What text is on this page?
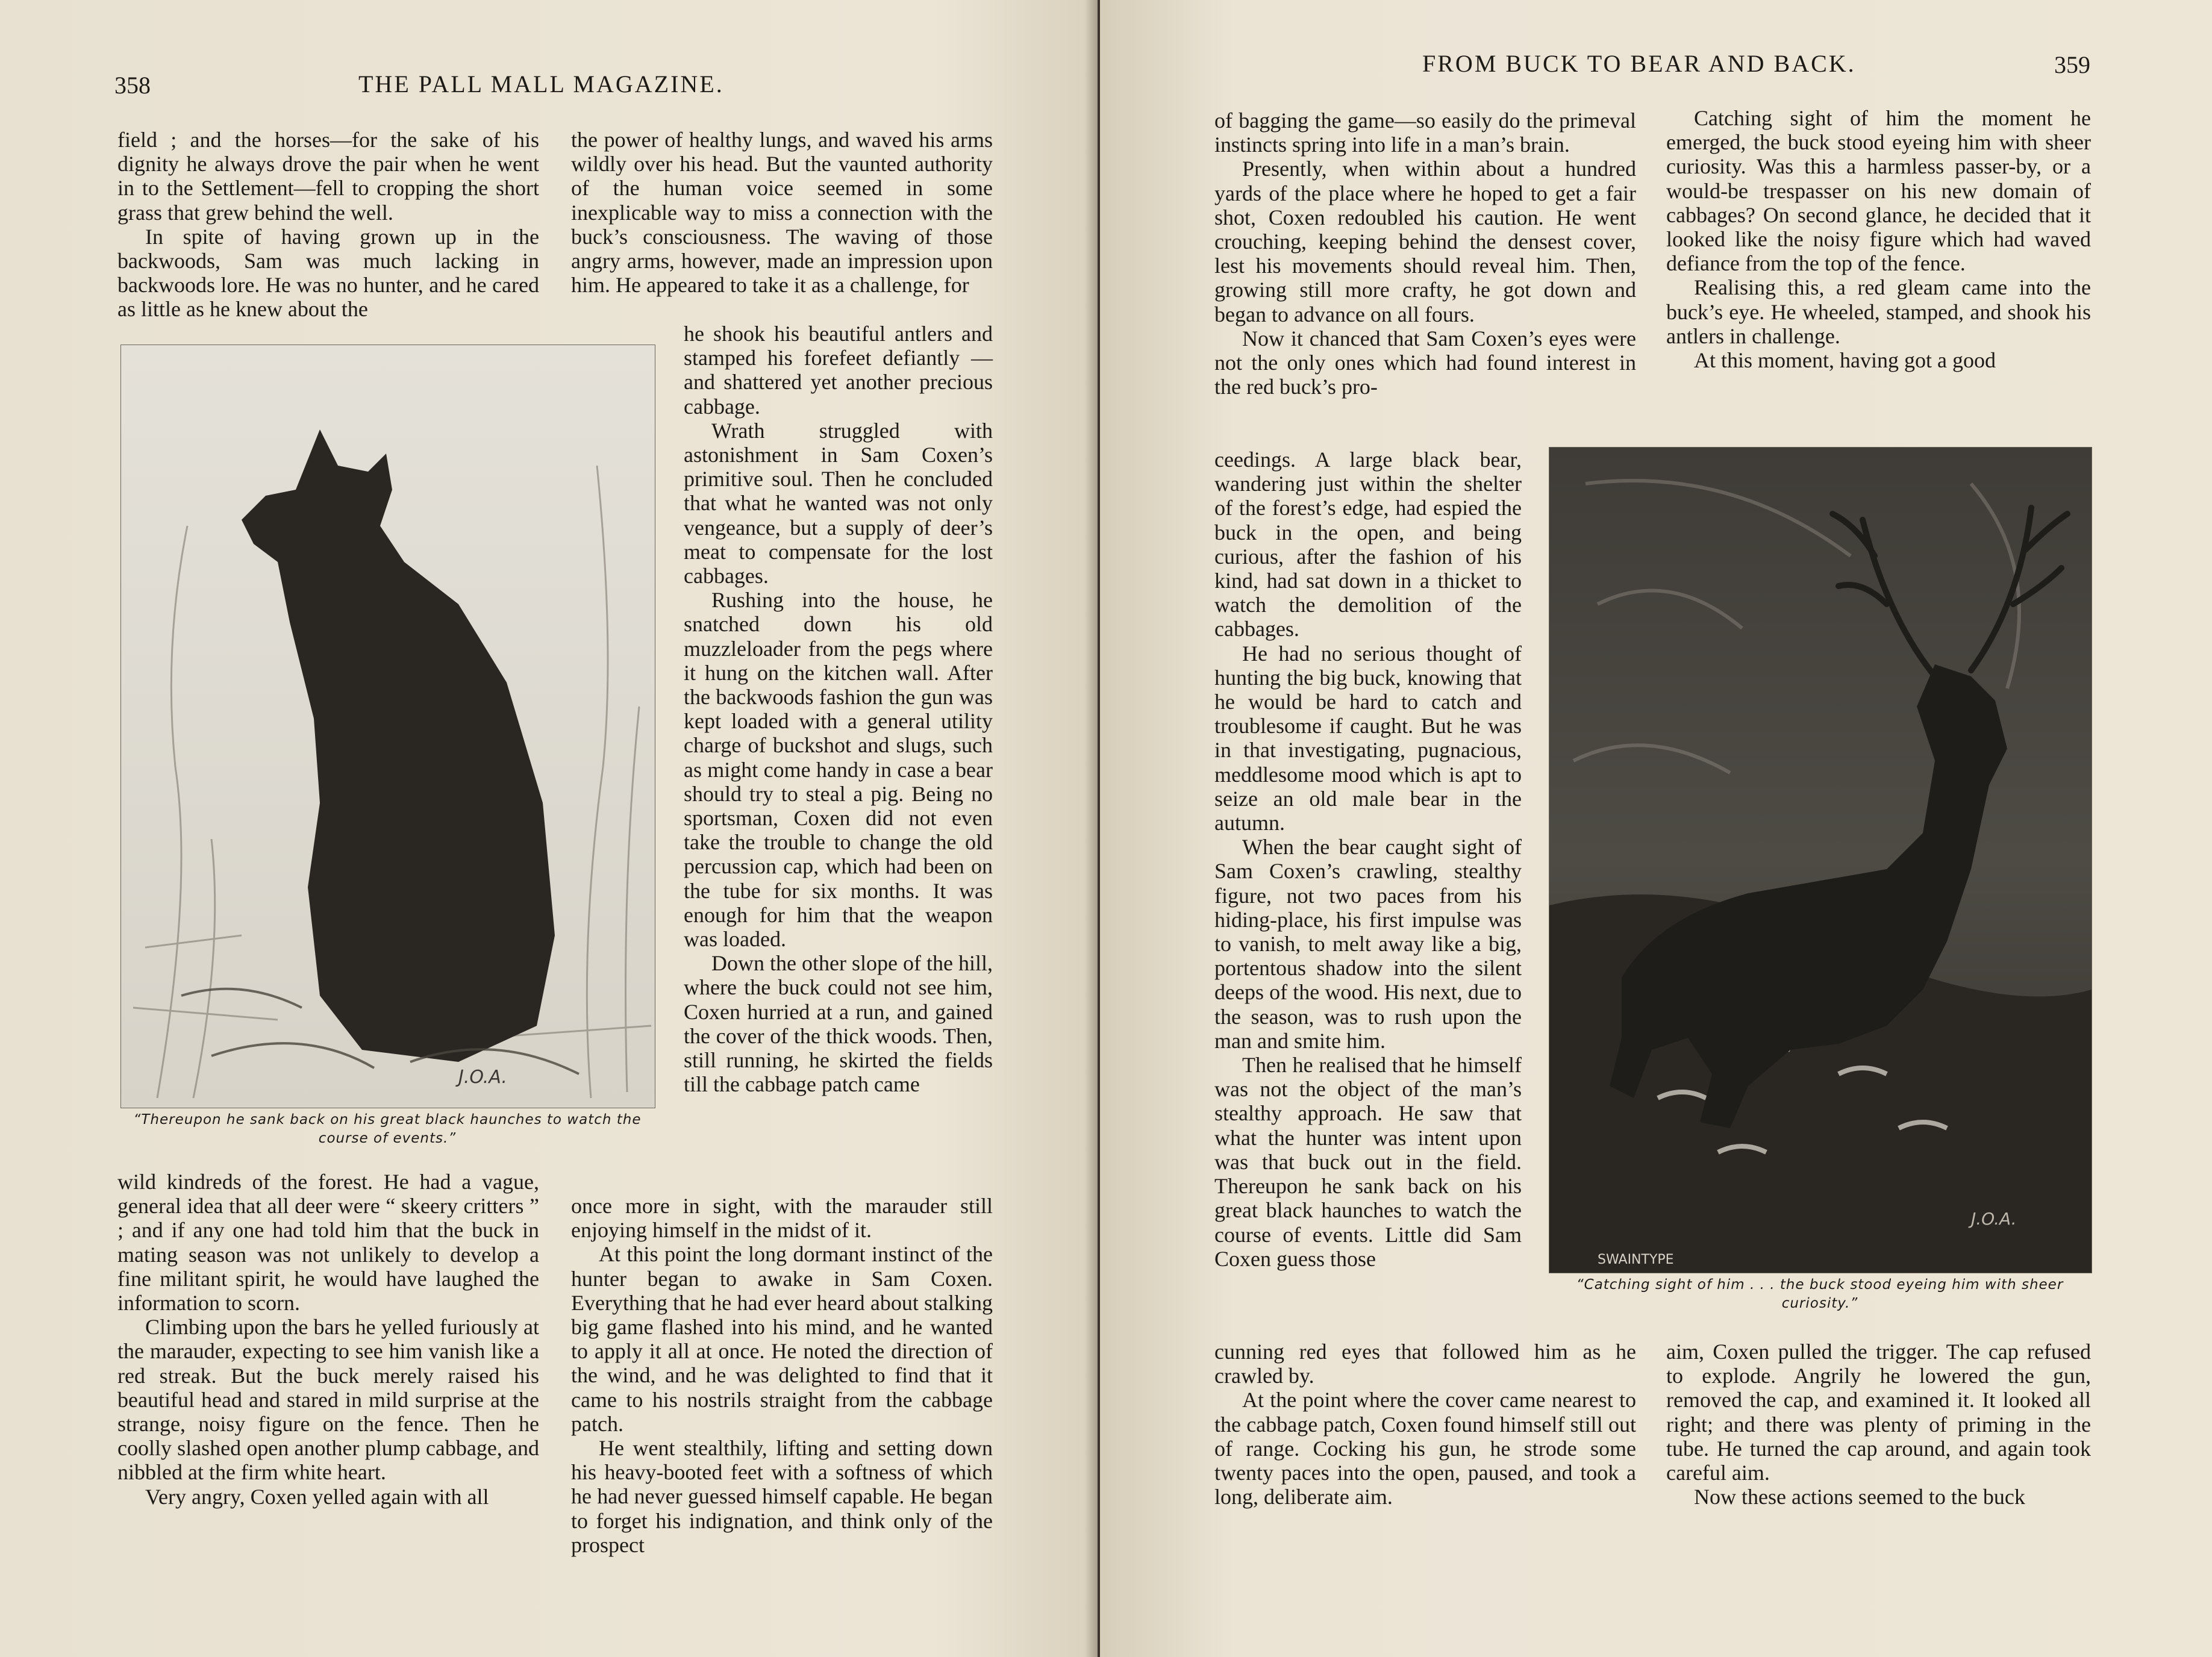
358	THE PALL MALL MAGAZINE.

field ; and the horses—for the sake of his dignity he always drove the pair when he went in to the Settlement—fell to cropping the short grass that grew behind the well.

In spite of having grown up in the backwoods, Sam was much lacking in backwoods lore. He was no hunter, and he cared as little as he knew about the

J.O.A.
“Thereupon he sank back on his great black haunches to watch the course of events.”

wild kindreds of the forest. He had a vague, general idea that all deer were “ skeery critters ” ; and if any one had told him that the buck in mating season was not unlikely to develop a fine militant spirit, he would have laughed the information to scorn.

Climbing upon the bars he yelled furiously at the marauder, expecting to see him vanish like a red streak. But the buck merely raised his beautiful head and stared in mild surprise at the strange, noisy figure on the fence. Then he coolly slashed open another plump cabbage, and nibbled at the firm white heart.

Very angry, Coxen yelled again with all

the power of healthy lungs, and waved his arms wildly over his head. But the vaunted authority of the human voice seemed in some inexplicable way to miss a connection with the buck’s consciousness. The waving of those angry arms, however, made an impression upon him. He appeared to take it as a challenge, for

he shook his beautiful antlers and stamped his forefeet defiantly — and shattered yet another precious cabbage.

Wrath struggled with astonishment in Sam Coxen’s primitive soul. Then he concluded that what he wanted was not only vengeance, but a supply of deer’s meat to compensate for the lost cabbages.

Rushing into the house, he snatched down his old muzzleloader from the pegs where it hung on the kitchen wall. After the backwoods fashion the gun was kept loaded with a general utility charge of buckshot and slugs, such as might come handy in case a bear should try to steal a pig. Being no sportsman, Coxen did not even take the trouble to change the old percussion cap, which had been on the tube for six months. It was enough for him that the weapon was loaded.

Down the other slope of the hill, where the buck could not see him, Coxen hurried at a run, and gained the cover of the thick woods. Then, still running, he skirted the fields till the cabbage patch came

once more in sight, with the marauder still enjoying himself in the midst of it.

At this point the long dormant instinct of the hunter began to awake in Sam Coxen. Everything that he had ever heard about stalking big game flashed into his mind, and he wanted to apply it all at once. He noted the direction of the wind, and he was delighted to find that it came to his nostrils straight from the cabbage patch.

He went stealthily, lifting and setting down his heavy-booted feet with a softness of which he had never guessed himself capable. He began to forget his indignation, and think only of the prospect

FROM BUCK TO BEAR AND BACK.	359

of bagging the game—so easily do the primeval instincts spring into life in a man’s brain.

Presently, when within about a hundred yards of the place where he hoped to get a fair shot, Coxen redoubled his caution. He went crouching, keeping behind the densest cover, lest his movements should reveal him. Then, growing still more crafty, he got down and began to advance on all fours.

Now it chanced that Sam Coxen’s eyes were not the only ones which had found interest in the red buck’s pro-

ceedings. A large black bear, wandering just within the shelter of the forest’s edge, had espied the buck in the open, and being curious, after the fashion of his kind, had sat down in a thicket to watch the demolition of the cabbages.

He had no serious thought of hunting the big buck, knowing that he would be hard to catch and troublesome if caught. But he was in that investigating, pugnacious, meddlesome mood which is apt to seize an old male bear in the autumn.

When the bear caught sight of Sam Coxen’s crawling, stealthy figure, not two paces from his hiding-place, his first impulse was to vanish, to melt away like a big, portentous shadow into the silent deeps of the wood. His next, due to the season, was to rush upon the man and smite him.

Then he realised that he himself was not the object of the man’s stealthy approach. He saw that what the hunter was intent upon was that buck out in the field. Thereupon he sank back on his great black haunches to watch the course of events. Little did Sam Coxen guess those

cunning red eyes that followed him as he crawled by.

At the point where the cover came nearest to the cabbage patch, Coxen found himself still out of range. Cocking his gun, he strode some twenty paces into the open, paused, and took a long, deliberate aim.

Catching sight of him the moment he emerged, the buck stood eyeing him with sheer curiosity. Was this a harmless passer-by, or a would-be trespasser on his new domain of cabbages? On second glance, he decided that it looked like the noisy figure which had waved defiance from the top of the fence.

Realising this, a red gleam came into the buck’s eye. He wheeled, stamped, and shook his antlers in challenge.

At this moment, having got a good

SWAINTYPE
J.O.A.
“Catching sight of him . . . the buck stood eyeing him with sheer curiosity.”

aim, Coxen pulled the trigger. The cap refused to explode. Angrily he lowered the gun, removed the cap, and examined it. It looked all right; and there was plenty of priming in the tube. He turned the cap around, and again took careful aim.

Now these actions seemed to the buck
